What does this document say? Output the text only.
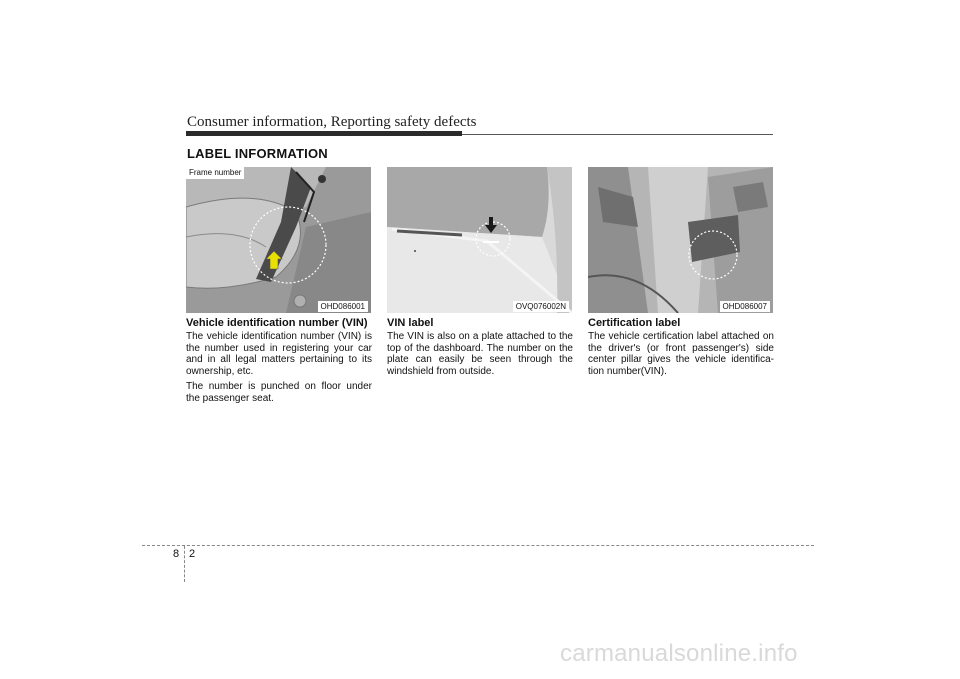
Consumer information, Reporting safety defects
LABEL INFORMATION
Frame number
OHD086001	OVQ076002N	OHD086007
Vehicle identification number (VIN)

The vehicle identification number (VIN) is the number used in registering your car and in all legal matters pertaining to its ownership, etc.

The number is punched on floor under the passenger seat.

VIN label

The VIN is also on a plate attached to the top of the dashboard. The number on the plate can easily be seen through the windshield from outside.

Certification label

The vehicle certification label attached on the driver's (or front passenger's) side center pillar gives the vehicle identifica-tion number(VIN).

8 2
carmanualsonline.info
